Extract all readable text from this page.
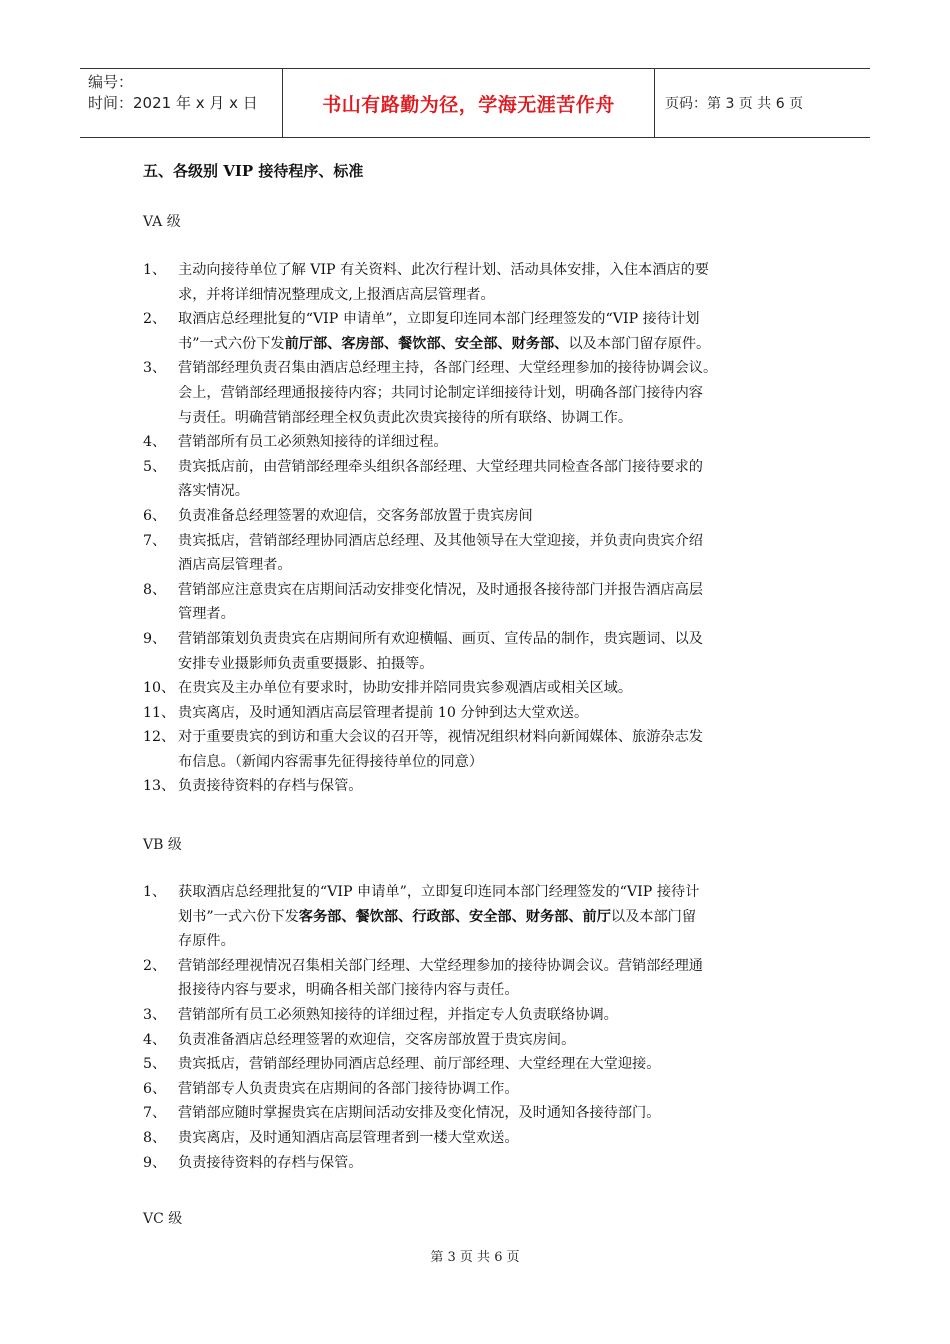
编号：
时间：2021 年 x 月 x 日	书山有路勤为径，学海无涯苦作舟	页码：第 3 页 共 6 页
五、各级别 VIP 接待程序、标准
VA 级
1、 主动向接待单位了解 VIP 有关资料、此次行程计划、活动具体安排，入住本酒店的要
求，并将详细情况整理成文,上报酒店高层管理者。
2、 取酒店总经理批复的“VIP 申请单”，立即复印连同本部门经理签发的“VIP 接待计划
书”一式六份下发前厅部、客房部、餐饮部、安全部、财务部、以及本部门留存原件。
3、 营销部经理负责召集由酒店总经理主持，各部门经理、大堂经理参加的接待协调会议。
会上，营销部经理通报接待内容；共同讨论制定详细接待计划，明确各部门接待内容
与责任。明确营销部经理全权负责此次贵宾接待的所有联络、协调工作。
4、 营销部所有员工必须熟知接待的详细过程。
5、 贵宾抵店前，由营销部经理牵头组织各部经理、大堂经理共同检查各部门接待要求的
落实情况。
6、 负责准备总经理签署的欢迎信，交客务部放置于贵宾房间
7、 贵宾抵店，营销部经理协同酒店总经理、及其他领导在大堂迎接，并负责向贵宾介绍
酒店高层管理者。
8、 营销部应注意贵宾在店期间活动安排变化情况，及时通报各接待部门并报告酒店高层
管理者。
9、 营销部策划负责贵宾在店期间所有欢迎横幅、画页、宣传品的制作，贵宾题词、以及
安排专业摄影师负责重要摄影、拍摄等。
10、 在贵宾及主办单位有要求时，协助安排并陪同贵宾参观酒店或相关区域。
11、 贵宾离店，及时通知酒店高层管理者提前 10 分钟到达大堂欢送。
12、 对于重要贵宾的到访和重大会议的召开等，视情况组织材料向新闻媒体、旅游杂志发
布信息。（新闻内容需事先征得接待单位的同意）
13、 负责接待资料的存档与保管。
VB 级
1、 获取酒店总经理批复的“VIP 申请单”，立即复印连同本部门经理签发的“VIP 接待计
划书”一式六份下发客务部、餐饮部、行政部、安全部、财务部、前厅以及本部门留
存原件。
2、 营销部经理视情况召集相关部门经理、大堂经理参加的接待协调会议。营销部经理通
报接待内容与要求，明确各相关部门接待内容与责任。
3、 营销部所有员工必须熟知接待的详细过程，并指定专人负责联络协调。
4、 负责准备酒店总经理签署的欢迎信，交客房部放置于贵宾房间。
5、 贵宾抵店，营销部经理协同酒店总经理、前厅部经理、大堂经理在大堂迎接。
6、 营销部专人负责贵宾在店期间的各部门接待协调工作。
7、 营销部应随时掌握贵宾在店期间活动安排及变化情况，及时通知各接待部门。
8、 贵宾离店，及时通知酒店高层管理者到一楼大堂欢送。
9、 负责接待资料的存档与保管。
VC 级
第 3 页 共 6 页
